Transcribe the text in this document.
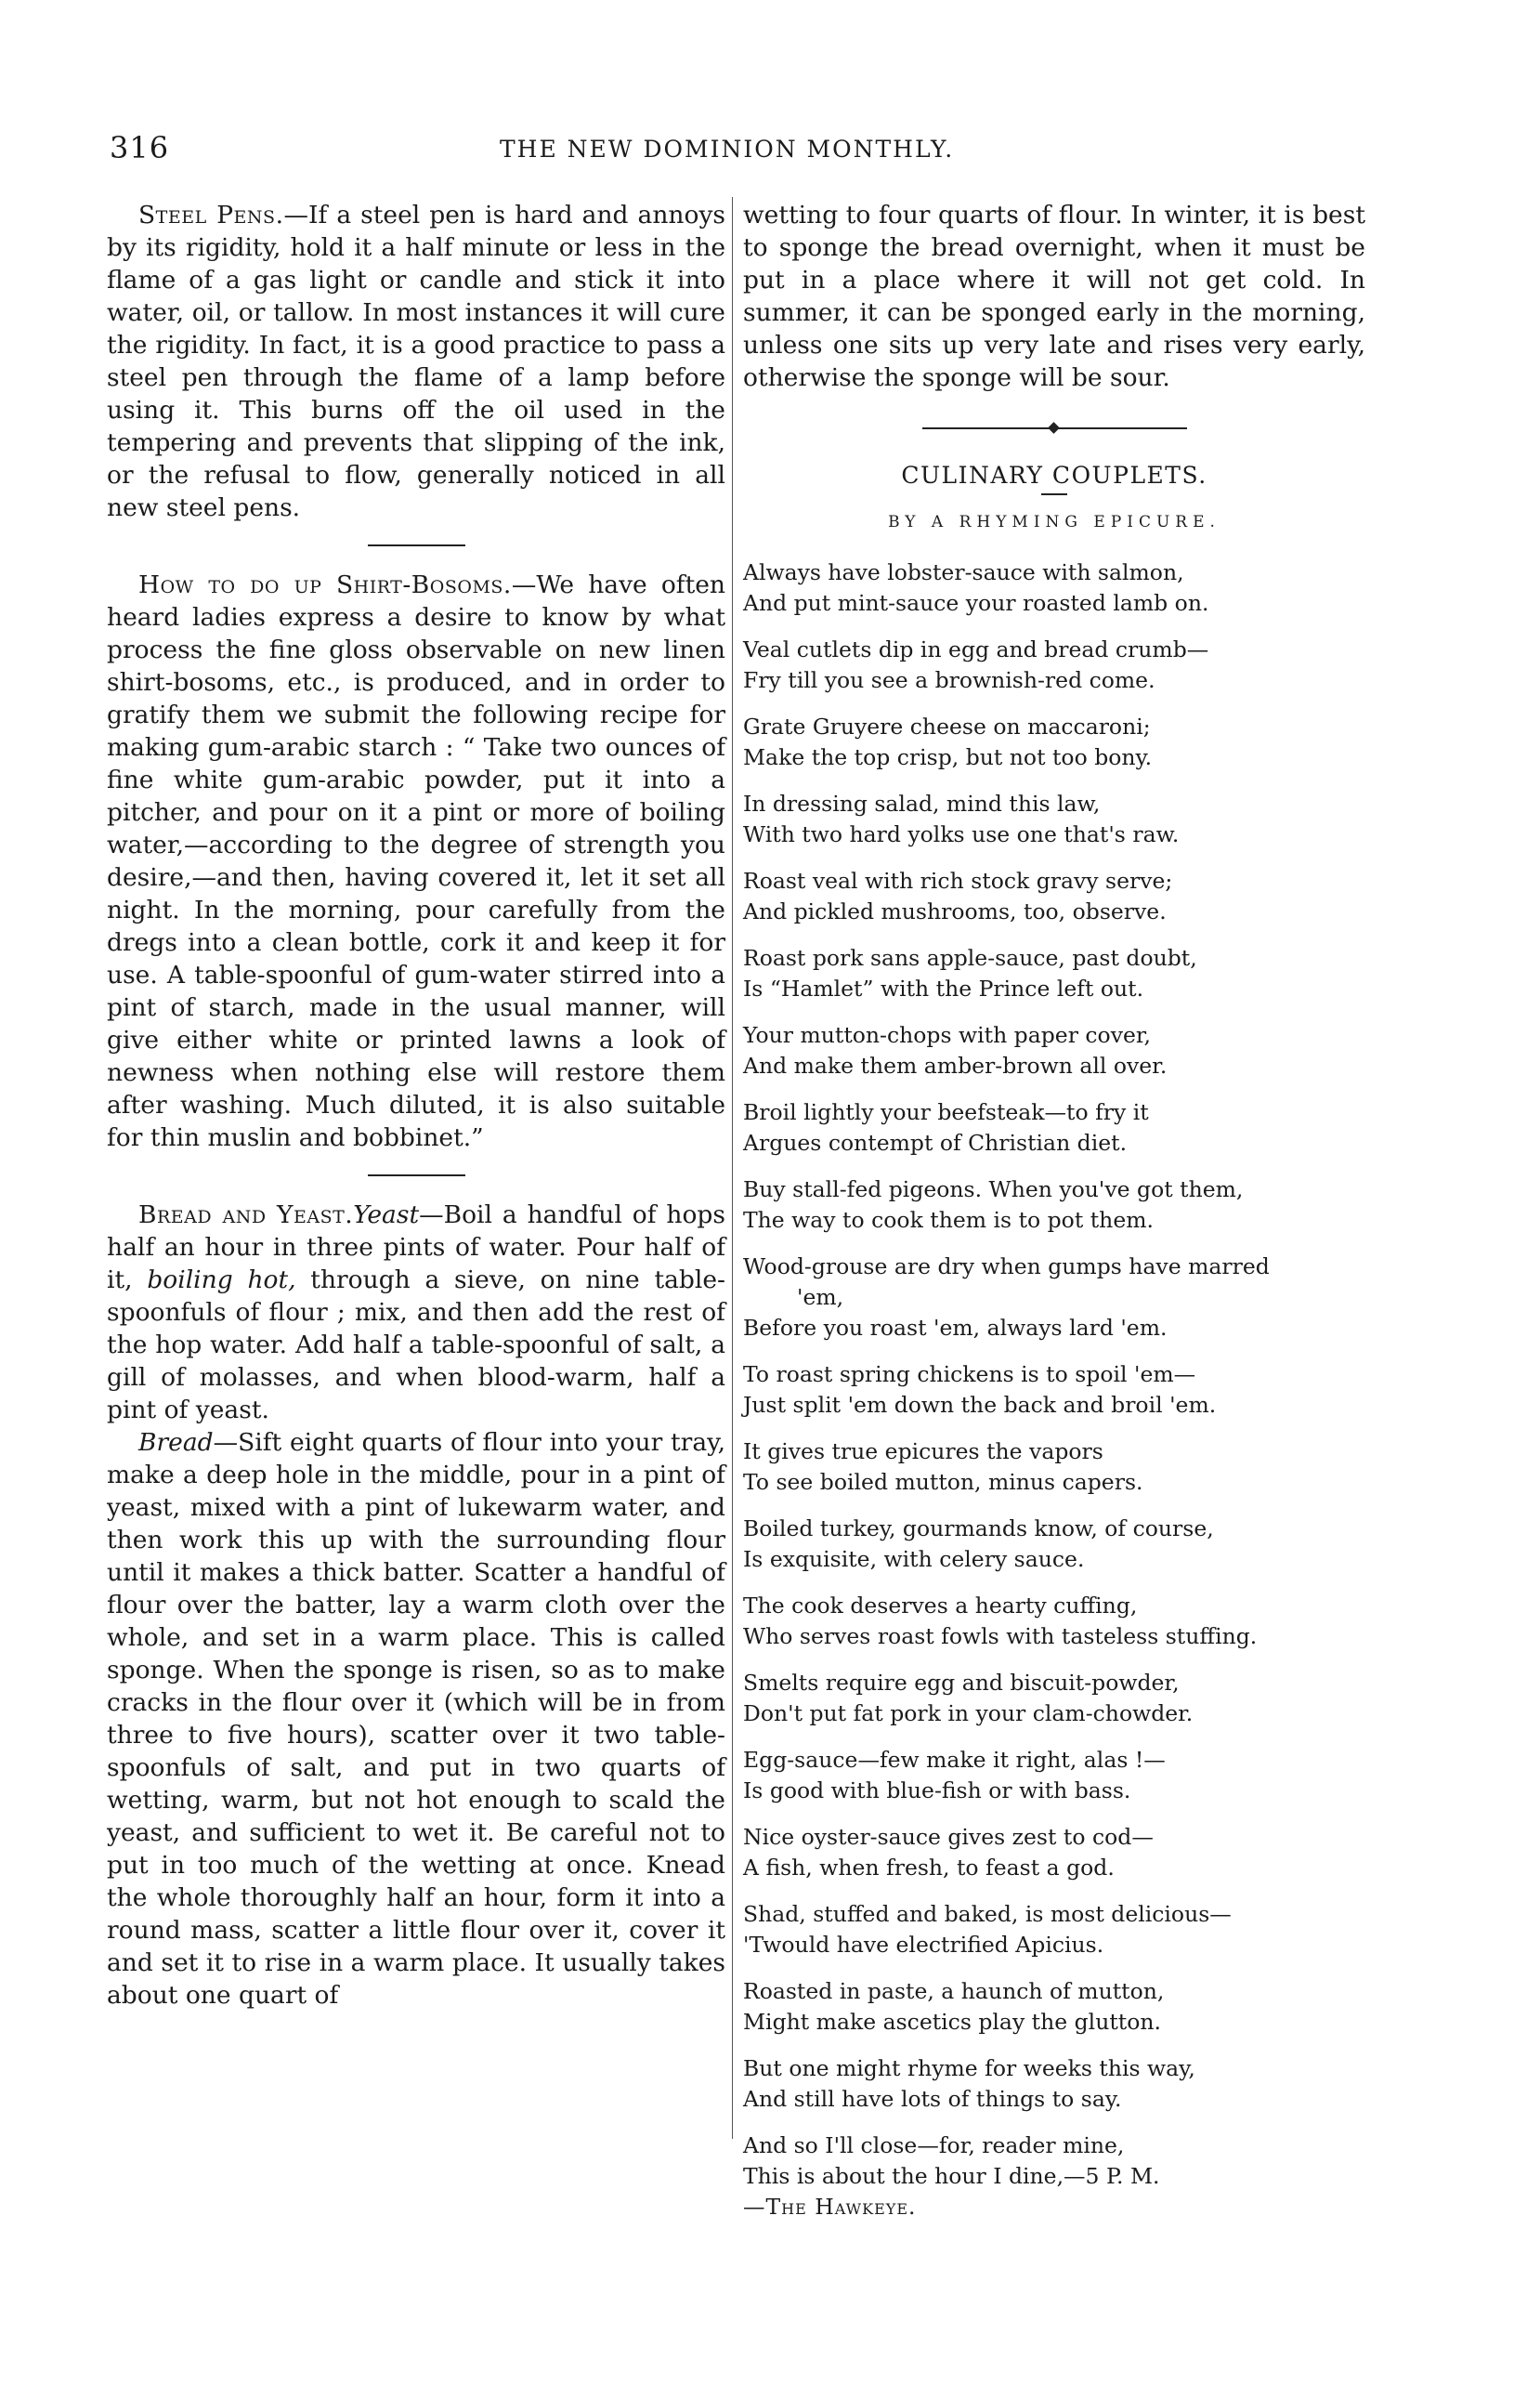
316	THE NEW DOMINION MONTHLY.

Steel Pens.—If a steel pen is hard and annoys by its rigidity, hold it a half minute or less in the flame of a gas light or candle and stick it into water, oil, or tallow. In most instances it will cure the rigidity. In fact, it is a good practice to pass a steel pen through the flame of a lamp before using it. This burns off the oil used in the tempering and prevents that slipping of the ink, or the refusal to flow, generally noticed in all new steel pens.

How to do up Shirt-Bosoms.—We have often heard ladies express a desire to know by what process the fine gloss observable on new linen shirt-bosoms, etc., is produced, and in order to gratify them we submit the following recipe for making gum-arabic starch : “ Take two ounces of fine white gum-arabic powder, put it into a pitcher, and pour on it a pint or more of boiling water,—according to the degree of strength you desire,—and then, having covered it, let it set all night. In the morning, pour carefully from the dregs into a clean bottle, cork it and keep it for use. A table-spoonful of gum-water stirred into a pint of starch, made in the usual manner, will give either white or printed lawns a look of newness when nothing else will restore them after washing. Much diluted, it is also suitable for thin muslin and bobbinet.”

Bread and Yeast.Yeast—Boil a handful of hops half an hour in three pints of water. Pour half of it, boiling hot, through a sieve, on nine table-spoonfuls of flour ; mix, and then add the rest of the hop water. Add half a table-spoonful of salt, a gill of molasses, and when blood-warm, half a pint of yeast.

Bread—Sift eight quarts of flour into your tray, make a deep hole in the middle, pour in a pint of yeast, mixed with a pint of lukewarm water, and then work this up with the surrounding flour until it makes a thick batter. Scatter a handful of flour over the batter, lay a warm cloth over the whole, and set in a warm place. This is called sponge. When the sponge is risen, so as to make cracks in the flour over it (which will be in from three to five hours), scatter over it two table-spoonfuls of salt, and put in two quarts of wetting, warm, but not hot enough to scald the yeast, and sufficient to wet it. Be careful not to put in too much of the wetting at once. Knead the whole thoroughly half an hour, form it into a round mass, scatter a little flour over it, cover it and set it to rise in a warm place. It usually takes about one quart of

wetting to four quarts of flour. In winter, it is best to sponge the bread overnight, when it must be put in a place where it will not get cold. In summer, it can be sponged early in the morning, unless one sits up very late and rises very early, otherwise the sponge will be sour.

CULINARY COUPLETS.
BY A RHYMING EPICURE.
Always have lobster-sauce with salmon,
And put mint-sauce your roasted lamb on.
Veal cutlets dip in egg and bread crumb—
Fry till you see a brownish-red come.
Grate Gruyere cheese on maccaroni;
Make the top crisp, but not too bony.
In dressing salad, mind this law,
With two hard yolks use one that's raw.
Roast veal with rich stock gravy serve;
And pickled mushrooms, too, observe.
Roast pork sans apple-sauce, past doubt,
Is “Hamlet” with the Prince left out.
Your mutton-chops with paper cover,
And make them amber-brown all over.
Broil lightly your beefsteak—to fry it
Argues contempt of Christian diet.
Buy stall-fed pigeons. When you've got them,
The way to cook them is to pot them.
Wood-grouse are dry when gumps have marred
'em,
Before you roast 'em, always lard 'em.
To roast spring chickens is to spoil 'em—
Just split 'em down the back and broil 'em.
It gives true epicures the vapors
To see boiled mutton, minus capers.
Boiled turkey, gourmands know, of course,
Is exquisite, with celery sauce.
The cook deserves a hearty cuffing,
Who serves roast fowls with tasteless stuffing.
Smelts require egg and biscuit-powder,
Don't put fat pork in your clam-chowder.
Egg-sauce—few make it right, alas !—
Is good with blue-fish or with bass.
Nice oyster-sauce gives zest to cod—
A fish, when fresh, to feast a god.
Shad, stuffed and baked, is most delicious—
'Twould have electrified Apicius.
Roasted in paste, a haunch of mutton,
Might make ascetics play the glutton.
But one might rhyme for weeks this way,
And still have lots of things to say.
And so I'll close—for, reader mine,
This is about the hour I dine,—5 P. M.
—The Hawkeye.
